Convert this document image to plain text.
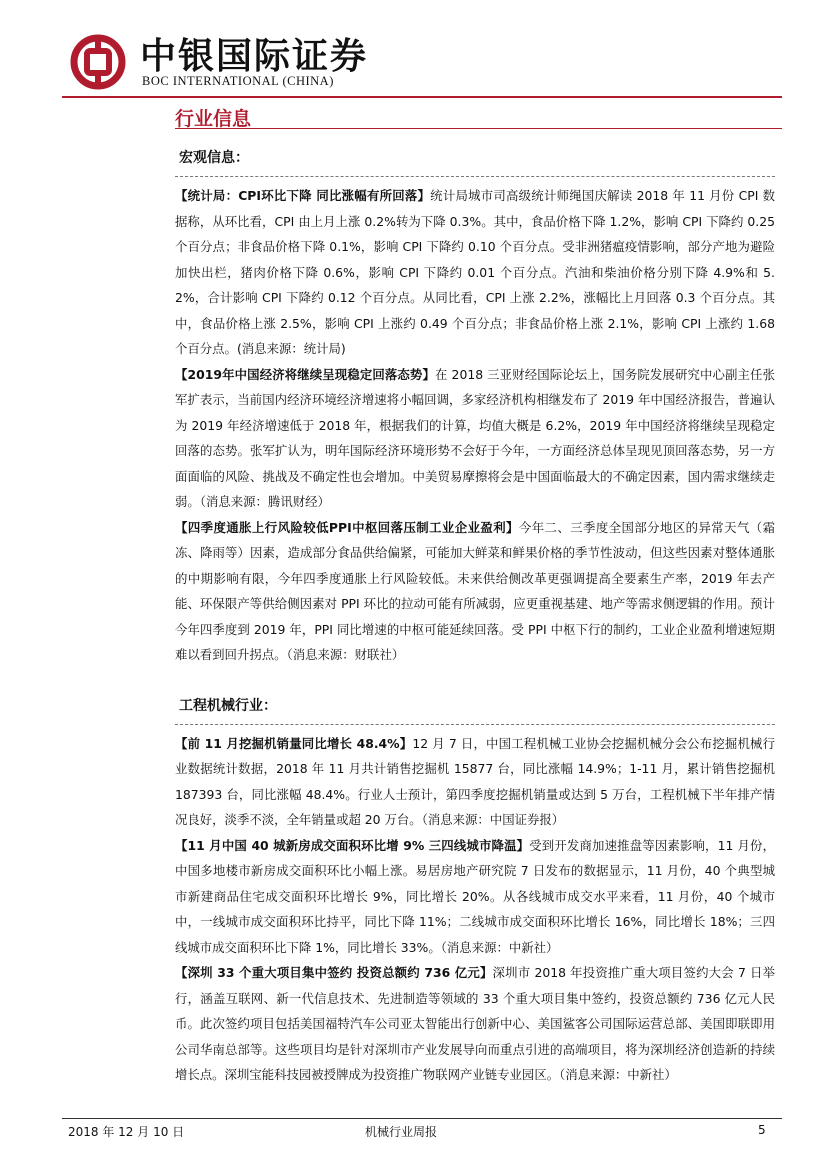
中银国际证券
BOC INTERNATIONAL (CHINA)
行业信息
宏观信息：
【统计局：CPI环比下降 同比涨幅有所回落】统计局城市司高级统计师绳国庆解读 2018 年 11 月份 CPI 数据称，从环比看，CPI 由上月上涨 0.2%转为下降 0.3%。其中，食品价格下降 1.2%，影响 CPI 下降约 0.25 个百分点；非食品价格下降 0.1%，影响 CPI 下降约 0.10 个百分点。受非洲猪瘟疫情影响，部分产地为避险加快出栏，猪肉价格下降 0.6%，影响 CPI 下降约 0.01 个百分点。汽油和柴油价格分别下降 4.9%和 5.2%，合计影响 CPI 下降约 0.12 个百分点。从同比看，CPI 上涨 2.2%，涨幅比上月回落 0.3 个百分点。其中，食品价格上涨 2.5%，影响 CPI 上涨约 0.49 个百分点；非食品价格上涨 2.1%，影响 CPI 上涨约 1.68 个百分点。(消息来源：统计局)
【2019年中国经济将继续呈现稳定回落态势】在 2018 三亚财经国际论坛上，国务院发展研究中心副主任张军扩表示，当前国内经济环境经济增速将小幅回调，多家经济机构相继发布了 2019 年中国经济报告，普遍认为 2019 年经济增速低于 2018 年，根据我们的计算，均值大概是 6.2%，2019 年中国经济将继续呈现稳定回落的态势。张军扩认为，明年国际经济环境形势不会好于今年，一方面经济总体呈现见顶回落态势，另一方面面临的风险、挑战及不确定性也会增加。中美贸易摩擦将会是中国面临最大的不确定因素，国内需求继续走弱。（消息来源：腾讯财经）
【四季度通胀上行风险较低PPI中枢回落压制工业企业盈利】今年二、三季度全国部分地区的异常天气（霜冻、降雨等）因素，造成部分食品供给偏紧，可能加大鲜菜和鲜果价格的季节性波动，但这些因素对整体通胀的中期影响有限，今年四季度通胀上行风险较低。未来供给侧改革更强调提高全要素生产率，2019 年去产能、环保限产等供给侧因素对 PPI 环比的拉动可能有所减弱，应更重视基建、地产等需求侧逻辑的作用。预计今年四季度到 2019 年，PPI 同比增速的中枢可能延续回落。受 PPI 中枢下行的制约，工业企业盈利增速短期难以看到回升拐点。（消息来源：财联社）
工程机械行业：
【前 11 月挖掘机销量同比增长 48.4%】12 月 7 日，中国工程机械工业协会挖掘机械分会公布挖掘机械行业数据统计数据，2018 年 11 月共计销售挖掘机 15877 台，同比涨幅 14.9%；1-11 月，累计销售挖掘机 187393 台，同比涨幅 48.4%。行业人士预计，第四季度挖掘机销量或达到 5 万台，工程机械下半年排产情况良好，淡季不淡，全年销量或超 20 万台。（消息来源：中国证券报）
【11 月中国 40 城新房成交面积环比增 9% 三四线城市降温】受到开发商加速推盘等因素影响，11 月份，中国多地楼市新房成交面积环比小幅上涨。易居房地产研究院 7 日发布的数据显示，11 月份，40 个典型城市新建商品住宅成交面积环比增长 9%，同比增长 20%。从各线城市成交水平来看，11 月份，40 个城市中，一线城市成交面积环比持平，同比下降 11%；二线城市成交面积环比增长 16%，同比增长 18%；三四线城市成交面积环比下降 1%，同比增长 33%。（消息来源：中新社）
【深圳 33 个重大项目集中签约 投资总额约 736 亿元】深圳市 2018 年投资推广重大项目签约大会 7 日举行，涵盖互联网、新一代信息技术、先进制造等领域的 33 个重大项目集中签约，投资总额约 736 亿元人民币。此次签约项目包括美国福特汽车公司亚太智能出行创新中心、美国鲨客公司国际运营总部、美国即联即用公司华南总部等。这些项目均是针对深圳市产业发展导向而重点引进的高端项目，将为深圳经济创造新的持续增长点。深圳宝能科技园被授牌成为投资推广物联网产业链专业园区。（消息来源：中新社）
2018 年 12 月 10 日	机械行业周报	5
